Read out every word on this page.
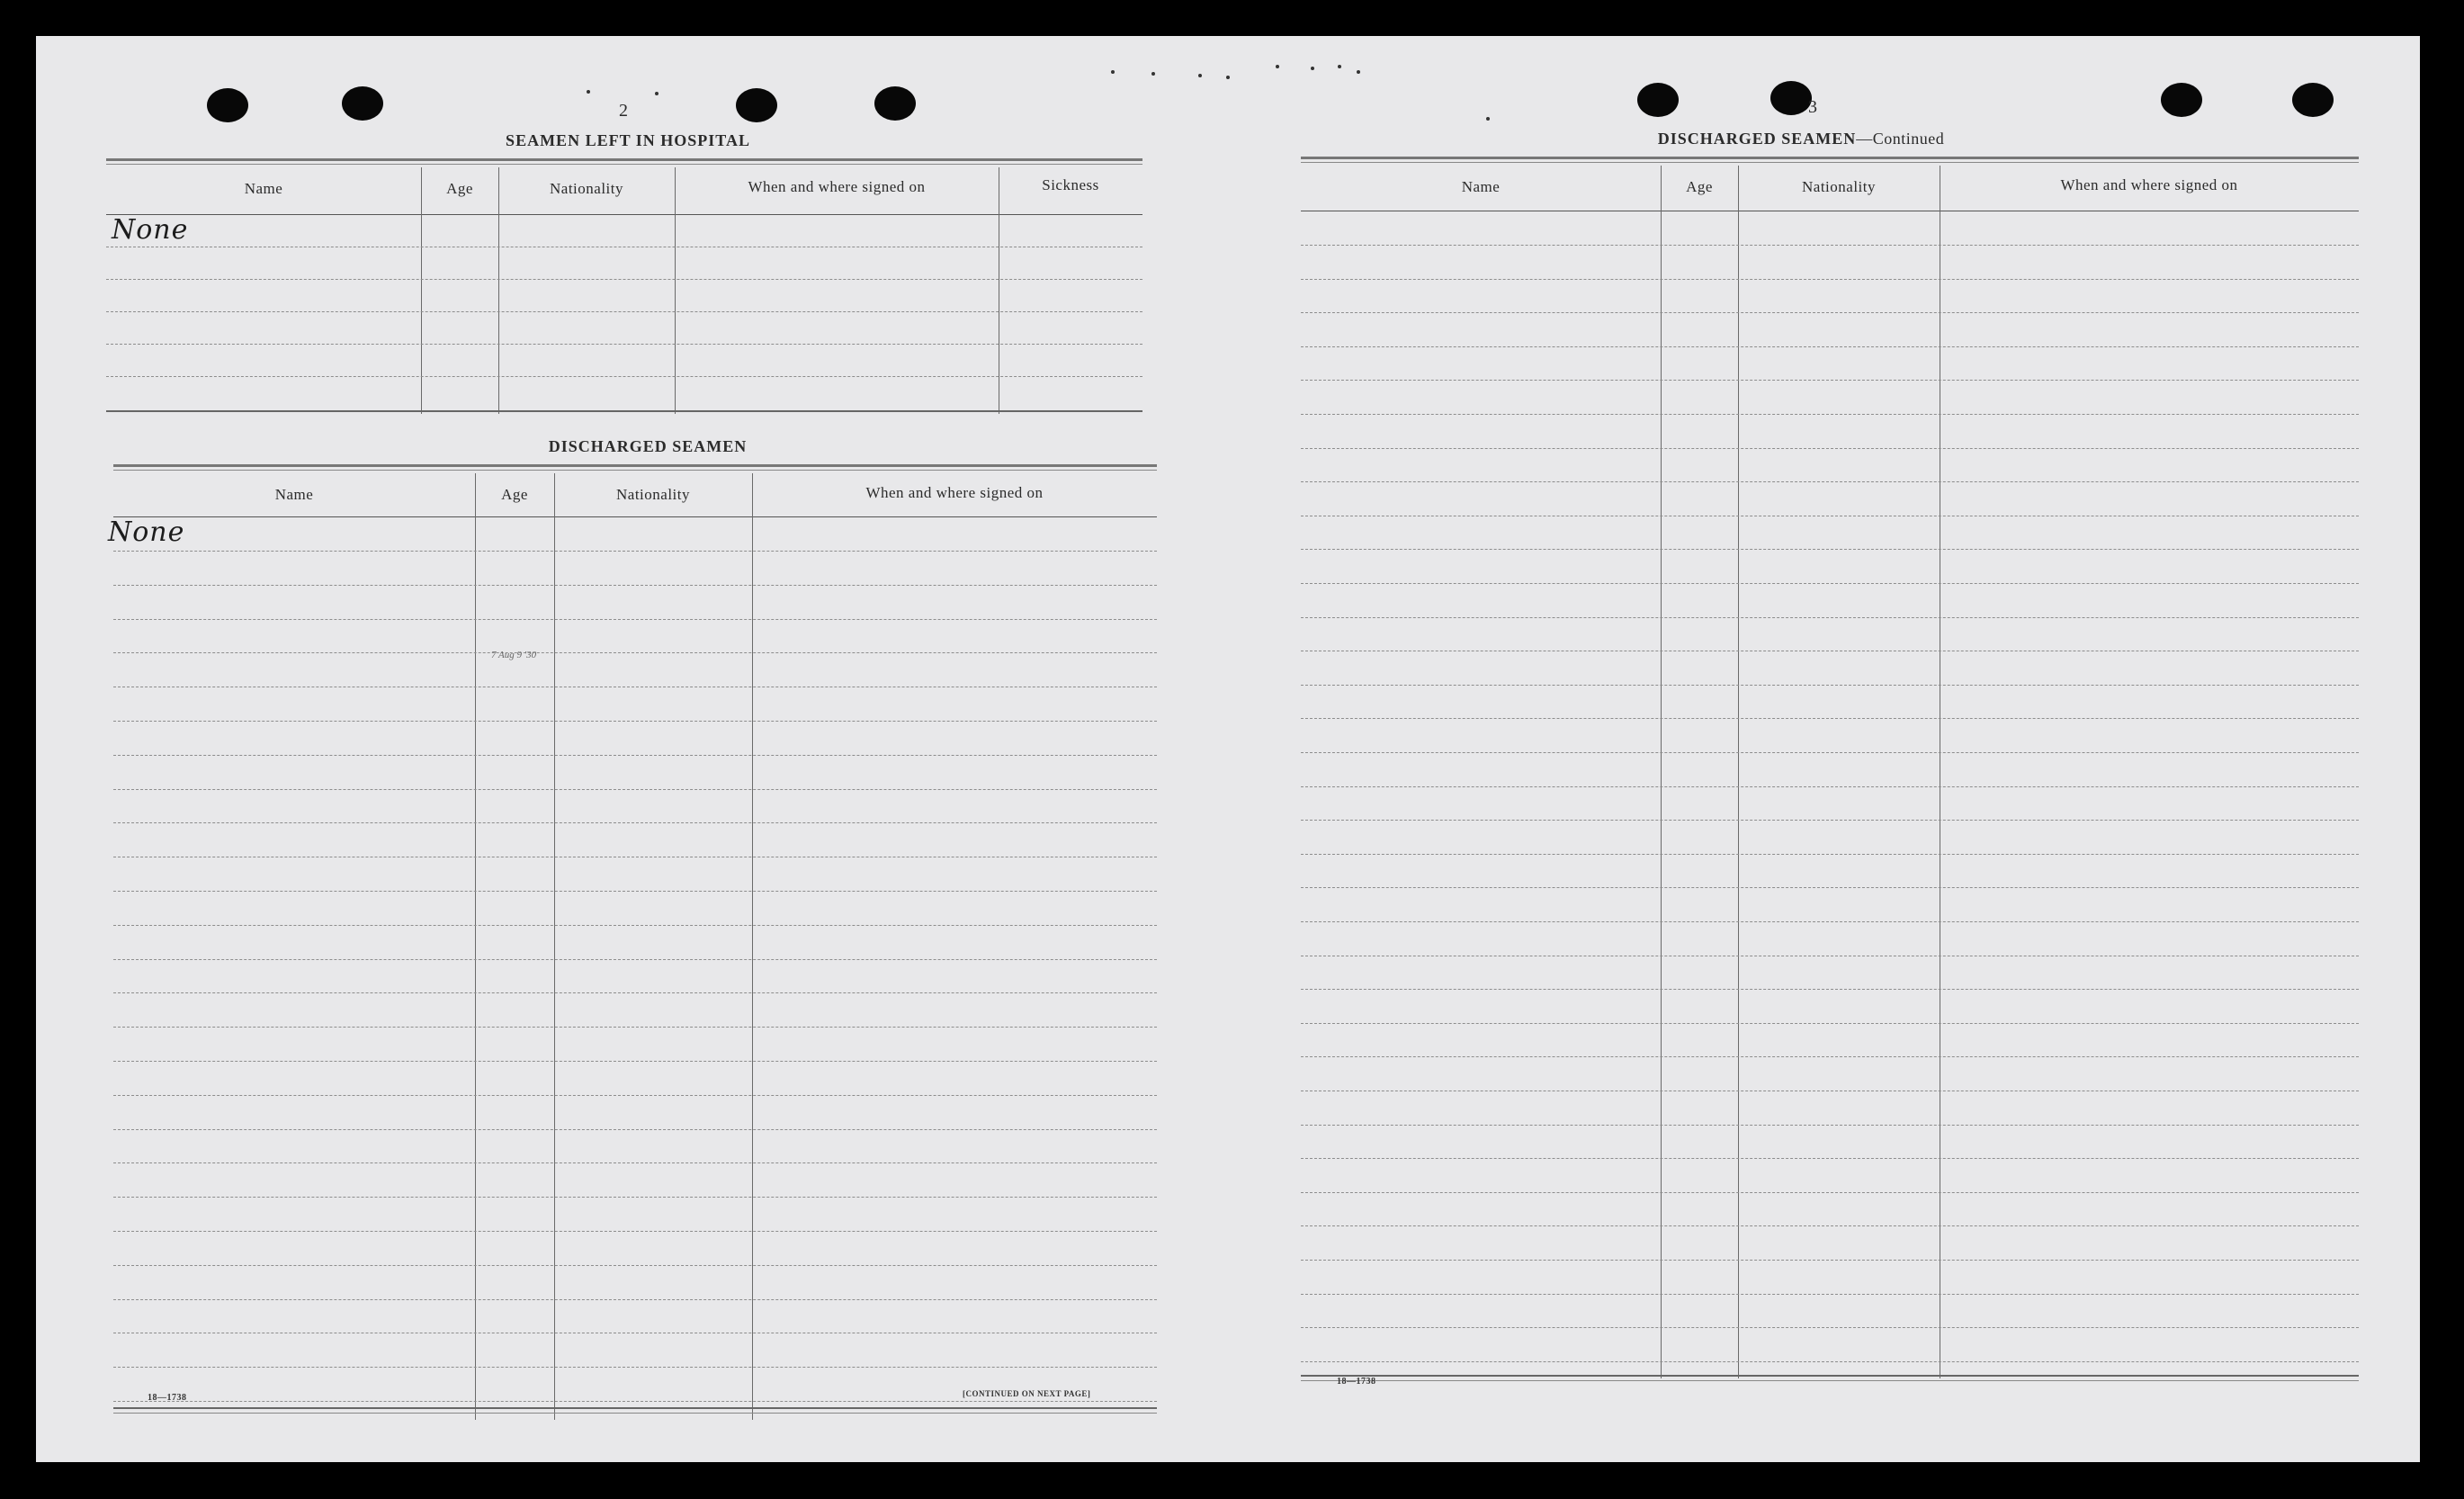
2
SEAMEN LEFT IN HOSPITAL
Name	Age	Nationality	When and where signed on	Sickness
None
DISCHARGED SEAMEN
Name	Age	Nationality	When and where signed on
None
7 Aug 9 '30
18—1738	[CONTINUED ON NEXT PAGE]
3
DISCHARGED SEAMEN—Continued
Name	Age	Nationality	When and where signed on
18—1738
